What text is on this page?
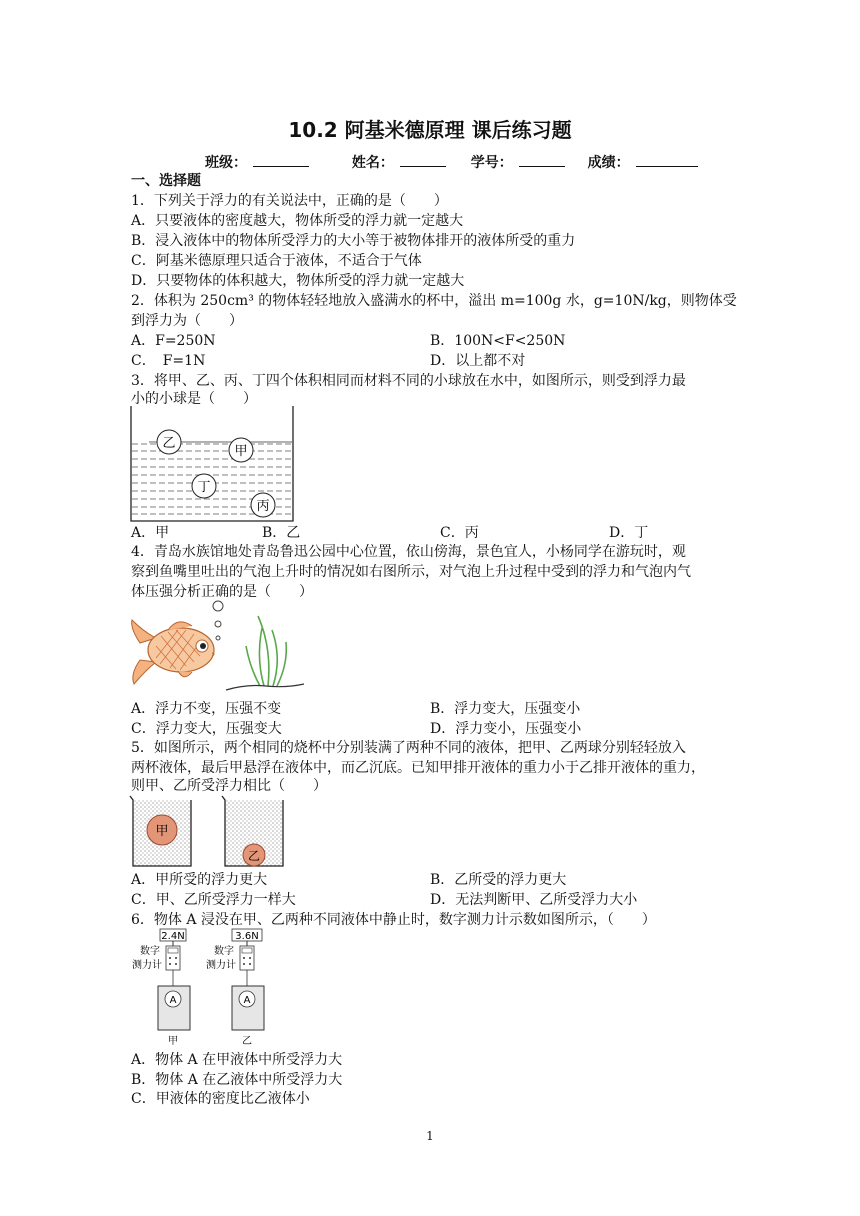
10.2 阿基米德原理 课后练习题
班级：	姓名：	学号：	成绩：
一、选择题
1．下列关于浮力的有关说法中，正确的是（　　）
A．只要液体的密度越大，物体所受的浮力就一定越大
B．浸入液体中的物体所受浮力的大小等于被物体排开的液体所受的重力
C．阿基米德原理只适合于液体，不适合于气体
D．只要物体的体积越大，物体所受的浮力就一定越大
2．体积为 250cm³ 的物体轻轻地放入盛满水的杯中，溢出 m=100g 水，g=10N/kg，则物体受
到浮力为（　　）
A．F=250N	B．100N<F<250N
C．　F=1N	D．以上都不对
3．将甲、乙、丙、丁四个体积相同而材料不同的小球放在水中，如图所示，则受到浮力最
小的小球是（　　）
乙
甲
丁
丙
A．甲	B．乙	C．丙	D．丁
4．青岛水族馆地处青岛鲁迅公园中心位置，依山傍海，景色宜人，小杨同学在游玩时，观
察到鱼嘴里吐出的气泡上升时的情况如右图所示，对气泡上升过程中受到的浮力和气泡内气
体压强分析正确的是（　　）
A．浮力不变，压强不变	B．浮力变大，压强变小
C．浮力变大，压强变大	D．浮力变小，压强变小
5．如图所示，两个相同的烧杯中分别装满了两种不同的液体，把甲、乙两球分别轻轻放入
两杯液体，最后甲悬浮在液体中，而乙沉底。已知甲排开液体的重力小于乙排开液体的重力，
则甲、乙所受浮力相比（　　）
甲
乙
A．甲所受的浮力更大	B．乙所受的浮力更大
C．甲、乙所受浮力一样大	D．无法判断甲、乙所受浮力大小
6．物体 A 浸没在甲、乙两种不同液体中静止时，数字测力计示数如图所示，（　　）
2.4N
数字
测力计
A
甲
3.6N
数字
测力计
A
乙
A．物体 A 在甲液体中所受浮力大
B．物体 A 在乙液体中所受浮力大
C．甲液体的密度比乙液体小
1
